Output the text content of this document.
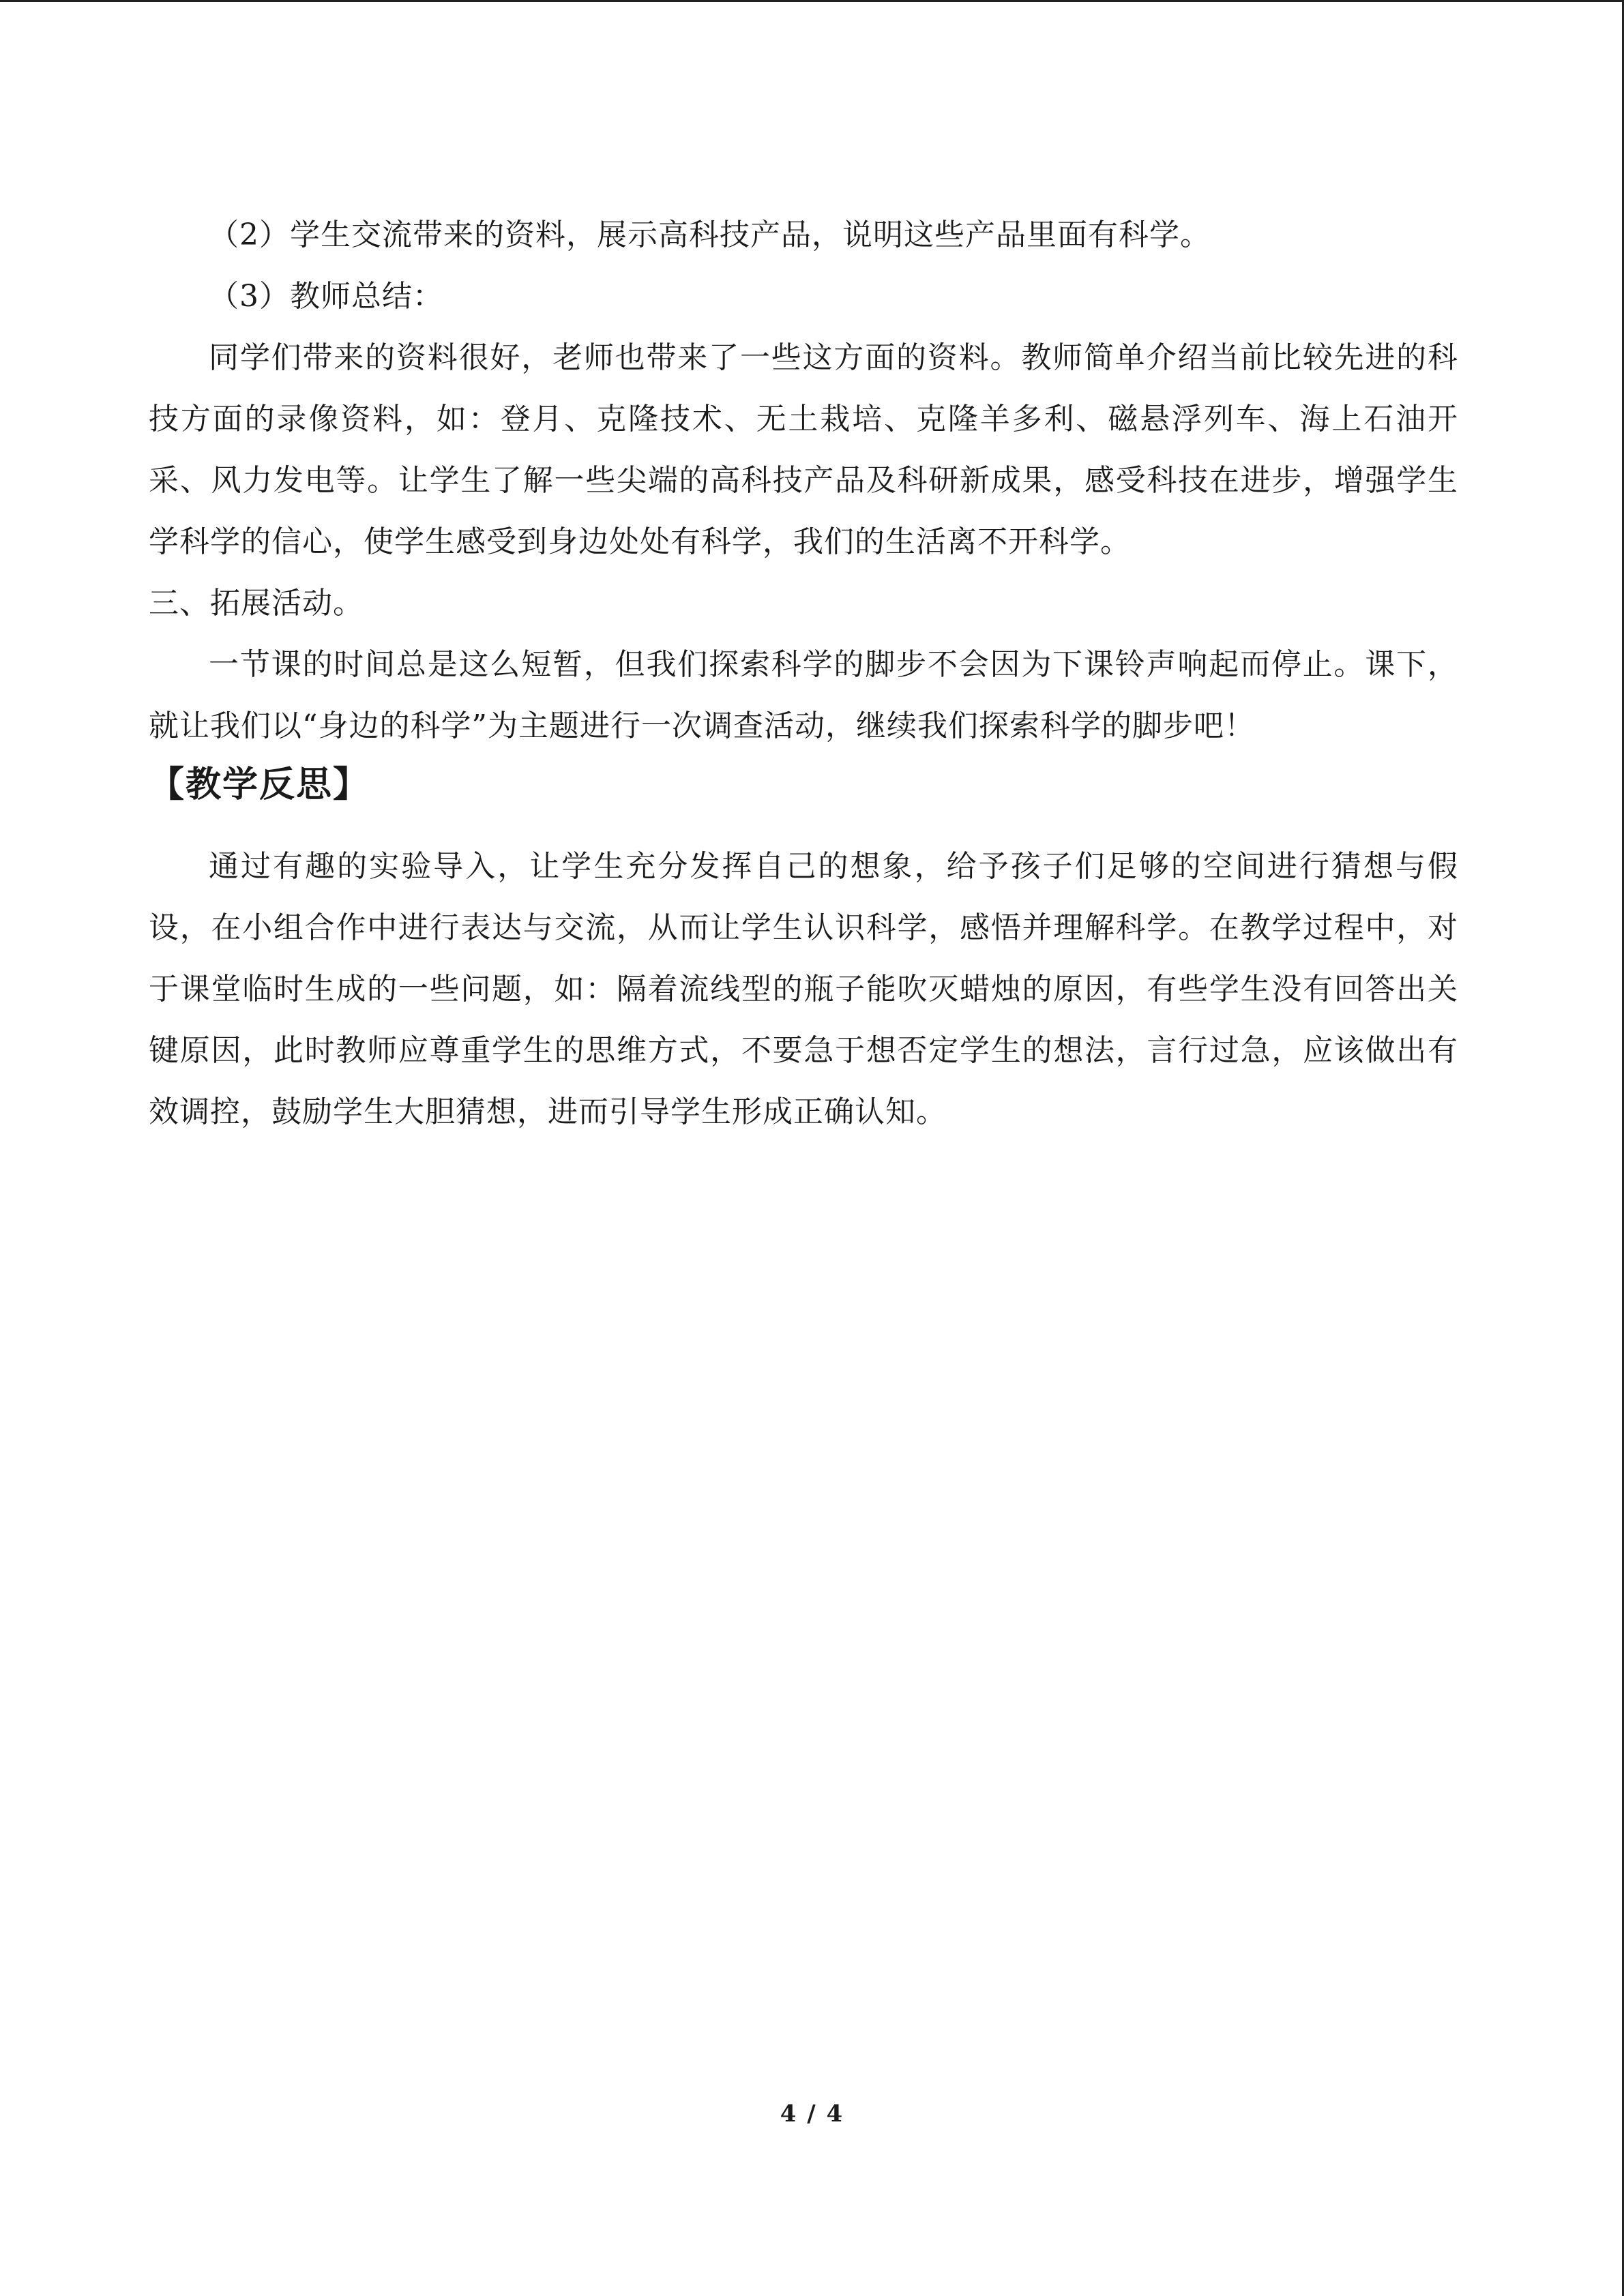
（2）学生交流带来的资料，展示高科技产品，说明这些产品里面有科学。

（3）教师总结：

同学们带来的资料很好，老师也带来了一些这方面的资料。教师简单介绍当前比较先进的科技方面的录像资料，如：登月、克隆技术、无土栽培、克隆羊多利、磁悬浮列车、海上石油开采、风力发电等。让学生了解一些尖端的高科技产品及科研新成果，感受科技在进步，增强学生学科学的信心，使学生感受到身边处处有科学，我们的生活离不开科学。

三、拓展活动。

一节课的时间总是这么短暂，但我们探索科学的脚步不会因为下课铃声响起而停止。课下，就让我们以“身边的科学”为主题进行一次调查活动，继续我们探索科学的脚步吧！

【教学反思】

通过有趣的实验导入，让学生充分发挥自己的想象，给予孩子们足够的空间进行猜想与假设，在小组合作中进行表达与交流，从而让学生认识科学，感悟并理解科学。在教学过程中，对于课堂临时生成的一些问题，如：隔着流线型的瓶子能吹灭蜡烛的原因，有些学生没有回答出关键原因，此时教师应尊重学生的思维方式，不要急于想否定学生的想法，言行过急，应该做出有效调控，鼓励学生大胆猜想，进而引导学生形成正确认知。

4 / 4
